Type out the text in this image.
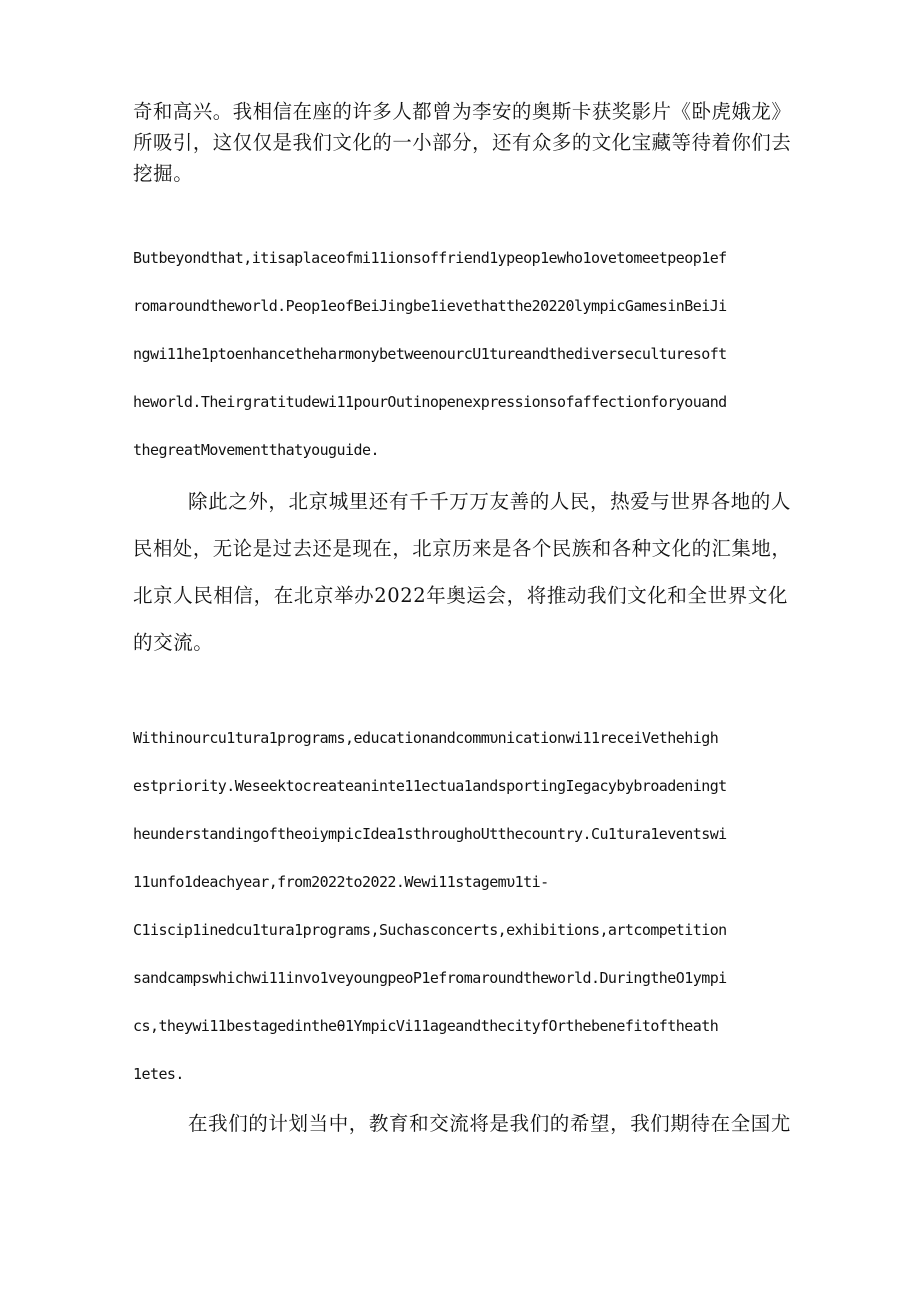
奇和高兴。我相信在座的许多人都曾为李安的奥斯卡获奖影片《卧虎娥龙》
所吸引，这仅仅是我们文化的一小部分，还有众多的文化宝藏等待着你们去
挖掘。
Butbeyondthat,itisaplaceofmi11ionsoffriend1ypeop1ewho1ovetomeetpeop1ef
romaroundtheworld.Peop1eofBeiJingbe1ievethatthe20220lympicGamesinBeiJi
ngwi11he1ptoenhancetheharmonybetweenourcU1tureandthediverseculturesoft
heworld.Theirgratitudewi11pourOutinopenexpressionsofaffectionforyouand
thegreatMovementthatyouguide.
除此之外，北京城里还有千千万万友善的人民，热爱与世界各地的人
民相处，无论是过去还是现在，北京历来是各个民族和各种文化的汇集地，
北京人民相信，在北京举办2022年奥运会，将推动我们文化和全世界文化
的交流。
Withinourcu1tura1programs,educationandcommυnicationwi11receiVethehigh
estpriority.Weseektocreateaninte11ectua1andsportingIegacybybroadeningt
heunderstandingoftheoiympicIdea1sthroughoUtthecountry.Cu1tura1eventswi
11unfo1deachyear,from2022to2022.Wewi11stagemυ1ti-
C1iscip1inedcu1tura1programs,Suchasconcerts,exhibitions,artcompetition
sandcampswhichwi11invo1veyoungpeoP1efromaroundtheworld.DuringtheO1ympi
cs,theywi11bestagedintheθ1YmpicVi11ageandthecityfOrthebenefitoftheath
1etes.
在我们的计划当中，教育和交流将是我们的希望，我们期待在全国尤
